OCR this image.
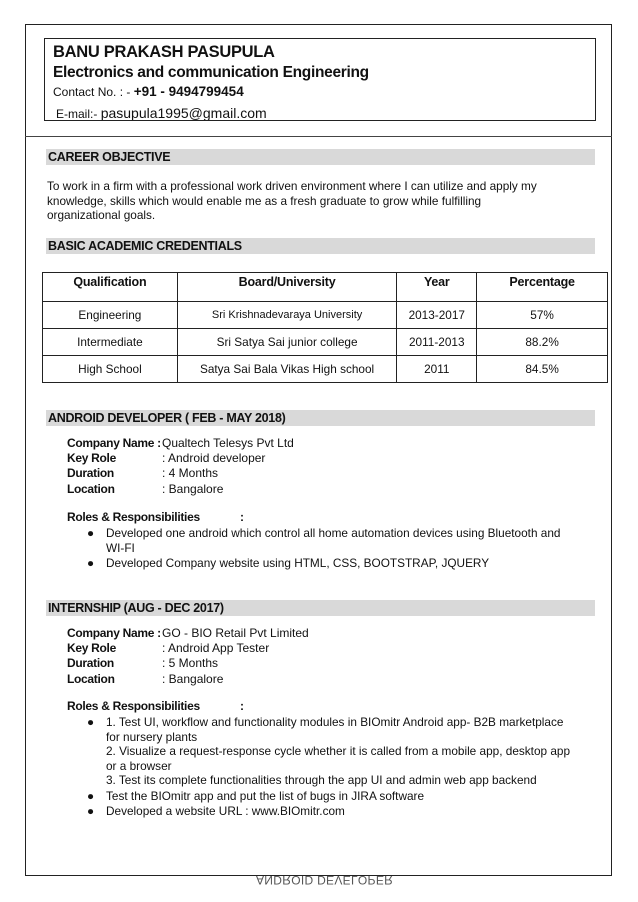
BANU PRAKASH PASUPULA
Electronics and communication Engineering
Contact No. : - +91 - 9494799454
E-mail:- pasupula1995@gmail.com
CAREER OBJECTIVE
To work in a firm with a professional work driven environment where I can utilize and apply my
knowledge, skills which would enable me as a fresh graduate to grow while fulfilling
organizational goals.
BASIC ACADEMIC CREDENTIALS
Qualification	Board/University	Year	Percentage
Engineering	Sri Krishnadevaraya University	2013-2017	57%
Intermediate	Sri Satya Sai junior college	2011-2013	88.2%
High School	Satya Sai Bala Vikas High school	2011	84.5%
ANDROID DEVELOPER ( FEB - MAY 2018)
Company Name : Qualtech Telesys Pvt Ltd
Key Role	: Android developer
Duration	: 4 Months
Location	: Bangalore
Roles & Responsibilities	:
● Developed one android which control all home automation devices using Bluetooth and
WI-FI
● Developed Company website using HTML, CSS, BOOTSTRAP, JQUERY
INTERNSHIP (AUG - DEC 2017)
Company Name : GO - BIO Retail Pvt Limited
Key Role	: Android App Tester
Duration	: 5 Months
Location	: Bangalore
Roles & Responsibilities	:
● 1. Test UI, workflow and functionality modules in BIOmitr Android app- B2B marketplace
for nursery plants
2. Visualize a request-response cycle whether it is called from a mobile app, desktop app
or a browser
3. Test its complete functionalities through the app UI and admin web app backend
● Test the BIOmitr app and put the list of bugs in JIRA software
● Developed a website URL : www.BIOmitr.com
ANDROID DEVELOPER
